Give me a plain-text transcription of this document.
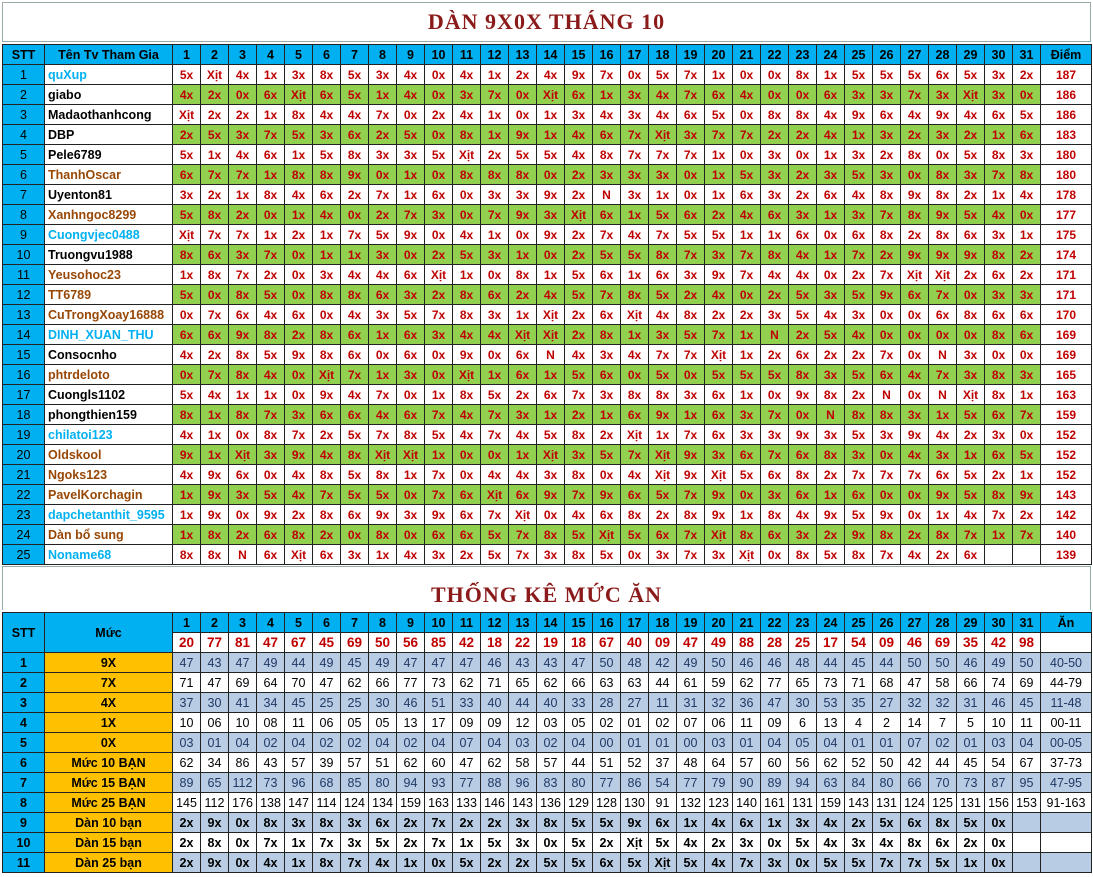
DÀN 9X0X THÁNG 10
STT	Tên Tv Tham Gia	1	2	3	4	5	6	7	8	9	10	11	12	13	14	15	16	17	18	19	20	21	22	23	24	25	26	27	28	29	30	31	Điểm
1	quXup	5x	Xịt	4x	1x	3x	8x	5x	3x	4x	0x	4x	1x	2x	4x	9x	7x	0x	5x	7x	1x	0x	0x	8x	1x	5x	5x	5x	6x	5x	3x	2x	187
2	giabo	4x	2x	0x	6x	Xịt	6x	5x	1x	4x	0x	3x	7x	0x	Xịt	6x	1x	3x	4x	7x	6x	4x	0x	0x	6x	3x	3x	7x	3x	Xịt	3x	0x	186
3	Madaothanhcong	Xịt	2x	2x	1x	8x	4x	4x	7x	0x	2x	4x	1x	0x	1x	3x	4x	3x	4x	6x	5x	0x	8x	8x	4x	9x	6x	4x	9x	4x	6x	5x	186
4	DBP	2x	5x	3x	7x	5x	3x	6x	2x	5x	0x	8x	1x	9x	1x	4x	6x	7x	Xịt	3x	7x	7x	2x	2x	4x	1x	3x	2x	3x	2x	1x	6x	183
5	Pele6789	5x	1x	4x	6x	1x	5x	8x	3x	3x	5x	Xịt	2x	5x	5x	4x	8x	7x	7x	7x	1x	0x	3x	0x	1x	3x	2x	8x	0x	5x	8x	3x	180
6	ThanhOscar	6x	7x	7x	1x	8x	8x	9x	0x	1x	0x	8x	8x	8x	0x	2x	3x	3x	3x	0x	1x	5x	3x	2x	3x	5x	3x	0x	8x	3x	7x	8x	180
7	Uyenton81	3x	2x	1x	8x	4x	6x	2x	7x	1x	6x	0x	3x	3x	9x	2x	N	3x	1x	0x	1x	6x	3x	2x	6x	4x	8x	9x	8x	2x	1x	4x	178
8	Xanhngoc8299	5x	8x	2x	0x	1x	4x	0x	2x	7x	3x	0x	7x	9x	3x	Xịt	6x	1x	5x	6x	2x	4x	6x	3x	1x	3x	7x	8x	9x	5x	4x	0x	177
9	Cuongvjec0488	Xịt	7x	7x	1x	2x	1x	7x	5x	9x	0x	4x	1x	0x	9x	2x	7x	4x	7x	5x	5x	1x	1x	6x	0x	6x	8x	2x	8x	6x	3x	1x	175
10	Truongvu1988	8x	6x	3x	7x	0x	1x	1x	3x	0x	2x	5x	3x	1x	0x	2x	5x	5x	8x	7x	3x	7x	8x	4x	1x	7x	2x	9x	9x	9x	8x	2x	174
11	Yeusohoc23	1x	8x	7x	2x	0x	3x	4x	4x	6x	Xịt	1x	0x	8x	1x	5x	6x	1x	6x	3x	9x	7x	4x	4x	0x	2x	7x	Xịt	Xịt	2x	6x	2x	171
12	TT6789	5x	0x	8x	5x	0x	8x	8x	6x	3x	2x	8x	6x	2x	4x	5x	7x	8x	5x	2x	4x	0x	2x	5x	3x	5x	9x	6x	7x	0x	3x	3x	171
13	CuTrongXoay16888	0x	7x	6x	4x	6x	0x	4x	3x	5x	7x	8x	3x	1x	Xịt	2x	6x	Xịt	4x	8x	2x	2x	3x	5x	4x	3x	0x	0x	6x	8x	6x	6x	170
14	DINH_XUAN_THU	6x	6x	9x	8x	2x	8x	6x	1x	6x	3x	4x	4x	Xịt	Xịt	2x	8x	1x	3x	5x	7x	1x	N	2x	5x	4x	0x	0x	0x	0x	8x	6x	169
15	Consocnho	4x	2x	8x	5x	9x	8x	6x	0x	6x	0x	9x	0x	6x	N	4x	3x	4x	7x	7x	Xịt	1x	2x	6x	2x	2x	7x	0x	N	3x	0x	0x	169
16	phtrdeloto	0x	7x	8x	4x	0x	Xịt	7x	1x	3x	0x	Xịt	1x	6x	1x	5x	6x	0x	5x	0x	5x	5x	5x	8x	3x	5x	6x	4x	7x	3x	8x	3x	165
17	Cuongls1102	5x	4x	1x	1x	0x	9x	4x	7x	0x	1x	8x	5x	2x	6x	7x	3x	8x	8x	3x	6x	1x	0x	9x	8x	2x	N	0x	N	Xịt	8x	1x	163
18	phongthien159	8x	1x	8x	7x	3x	6x	6x	4x	6x	7x	4x	7x	3x	1x	2x	1x	6x	9x	1x	6x	3x	7x	0x	N	8x	8x	3x	1x	5x	6x	7x	159
19	chilatoi123	4x	1x	0x	8x	7x	2x	5x	7x	8x	5x	4x	7x	4x	5x	8x	2x	Xịt	1x	7x	6x	3x	3x	9x	3x	5x	3x	9x	4x	2x	3x	0x	152
20	Oldskool	9x	1x	Xịt	3x	9x	4x	8x	Xịt	Xịt	1x	0x	0x	1x	Xịt	3x	5x	7x	Xịt	9x	3x	6x	7x	6x	8x	3x	0x	4x	3x	1x	6x	5x	152
21	Ngoks123	4x	9x	6x	0x	4x	8x	5x	8x	1x	7x	0x	4x	4x	3x	8x	0x	4x	Xịt	9x	Xịt	5x	6x	8x	2x	7x	7x	7x	6x	5x	2x	1x	152
22	PavelKorchagin	1x	9x	3x	5x	4x	7x	5x	5x	0x	7x	6x	Xịt	6x	9x	7x	9x	6x	5x	7x	9x	0x	3x	6x	1x	6x	0x	0x	9x	5x	8x	9x	143
23	dapchetanthit_9595	1x	9x	0x	9x	2x	8x	6x	9x	3x	9x	6x	7x	Xịt	0x	4x	6x	8x	2x	8x	9x	1x	8x	4x	9x	5x	9x	0x	1x	4x	7x	2x	142
24	Dàn bổ sung	1x	8x	2x	6x	8x	2x	0x	8x	0x	6x	6x	5x	7x	8x	5x	Xịt	5x	6x	7x	Xịt	8x	6x	3x	2x	9x	8x	2x	8x	7x	1x	7x	140
25	Noname68	8x	8x	N	6x	Xịt	6x	3x	1x	4x	3x	2x	5x	7x	3x	8x	5x	0x	3x	7x	3x	Xịt	0x	8x	5x	8x	7x	4x	2x	6x			139
THỐNG KÊ MỨC ĂN
STT	Mức	1	2	3	4	5	6	7	8	9	10	11	12	13	14	15	16	17	18	19	20	21	22	23	24	25	26	27	28	29	30	31	Ăn
		20	77	81	47	67	45	69	50	56	85	42	18	22	19	18	67	40	09	47	49	88	28	25	17	54	09	46	69	35	42	98	
1	9X	47	43	47	49	44	49	45	49	47	47	47	46	43	43	47	50	48	42	49	50	46	46	48	44	45	44	50	50	46	49	50	40-50
2	7X	71	47	69	64	70	47	62	66	77	73	62	71	65	62	66	63	63	44	61	59	62	77	65	73	71	68	47	58	66	74	69	44-79
3	4X	37	30	41	34	45	25	25	30	46	51	33	40	44	40	33	28	27	11	31	32	36	47	30	53	35	27	32	32	31	46	45	11-48
4	1X	10	06	10	08	11	06	05	05	13	17	09	09	12	03	05	02	01	02	07	06	11	09	6	13	4	2	14	7	5	10	11	00-11
5	0X	03	01	04	02	04	02	02	04	02	04	07	04	03	02	04	00	01	01	00	03	01	04	05	04	01	01	07	02	01	03	04	00-05
6	Mức 10 BẠN	62	34	86	43	57	39	57	51	62	60	47	62	58	57	44	51	52	37	48	64	57	60	56	62	52	50	42	44	45	54	67	37-73
7	Mức 15 BẠN	89	65	112	73	96	68	85	80	94	93	77	88	96	83	80	77	86	54	77	79	90	89	94	63	84	80	66	70	73	87	95	47-95
8	Mức 25 BẠN	145	112	176	138	147	114	124	134	159	163	133	146	143	136	129	128	130	91	132	123	140	161	131	159	143	131	124	125	131	156	153	91-163
9	Dàn 10 bạn	2x	9x	0x	8x	3x	8x	3x	6x	2x	7x	2x	2x	3x	8x	5x	5x	9x	6x	1x	4x	6x	1x	3x	4x	2x	5x	6x	8x	5x	0x		
10	Dàn 15 bạn	2x	8x	0x	7x	1x	7x	3x	5x	2x	7x	1x	5x	3x	0x	5x	2x	Xịt	5x	4x	2x	3x	0x	5x	4x	3x	4x	8x	6x	2x	0x		
11	Dàn 25 bạn	2x	9x	0x	4x	1x	8x	7x	4x	1x	0x	5x	2x	2x	5x	5x	6x	5x	Xịt	5x	4x	7x	3x	0x	5x	5x	7x	7x	5x	1x	0x		
